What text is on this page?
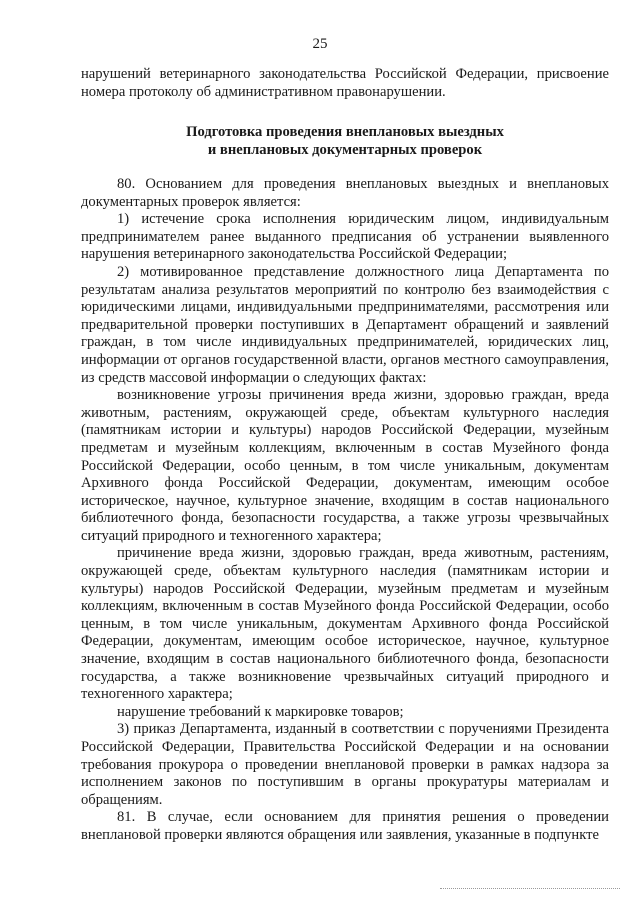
25

нарушений ветеринарного законодательства Российской Федерации, присвоение номера протоколу об административном правонарушении.

Подготовка проведения внеплановых выездных
и внеплановых документарных проверок

80. Основанием для проведения внеплановых выездных и внеплановых документарных проверок является:

1) истечение срока исполнения юридическим лицом, индивидуальным предпринимателем ранее выданного предписания об устранении выявленного нарушения ветеринарного законодательства Российской Федерации;

2) мотивированное представление должностного лица Департамента по результатам анализа результатов мероприятий по контролю без взаимодействия с юридическими лицами, индивидуальными предпринимателями, рассмотрения или предварительной проверки поступивших в Департамент обращений и заявлений граждан, в том числе индивидуальных предпринимателей, юридических лиц, информации от органов государственной власти, органов местного самоуправления, из средств массовой информации о следующих фактах:

возникновение угрозы причинения вреда жизни, здоровью граждан, вреда животным, растениям, окружающей среде, объектам культурного наследия (памятникам истории и культуры) народов Российской Федерации, музейным предметам и музейным коллекциям, включенным в состав Музейного фонда Российской Федерации, особо ценным, в том числе уникальным, документам Архивного фонда Российской Федерации, документам, имеющим особое историческое, научное, культурное значение, входящим в состав национального библиотечного фонда, безопасности государства, а также угрозы чрезвычайных ситуаций природного и техногенного характера;

причинение вреда жизни, здоровью граждан, вреда животным, растениям, окружающей среде, объектам культурного наследия (памятникам истории и культуры) народов Российской Федерации, музейным предметам и музейным коллекциям, включенным в состав Музейного фонда Российской Федерации, особо ценным, в том числе уникальным, документам Архивного фонда Российской Федерации, документам, имеющим особое историческое, научное, культурное значение, входящим в состав национального библиотечного фонда, безопасности государства, а также возникновение чрезвычайных ситуаций природного и техногенного характера;

нарушение требований к маркировке товаров;

3) приказ Департамента, изданный в соответствии с поручениями Президента Российской Федерации, Правительства Российской Федерации и на основании требования прокурора о проведении внеплановой проверки в рамках надзора за исполнением законов по поступившим в органы прокуратуры материалам и обращениям.

81. В случае, если основанием для принятия решения о проведении внеплановой проверки являются обращения или заявления, указанные в подпункте
